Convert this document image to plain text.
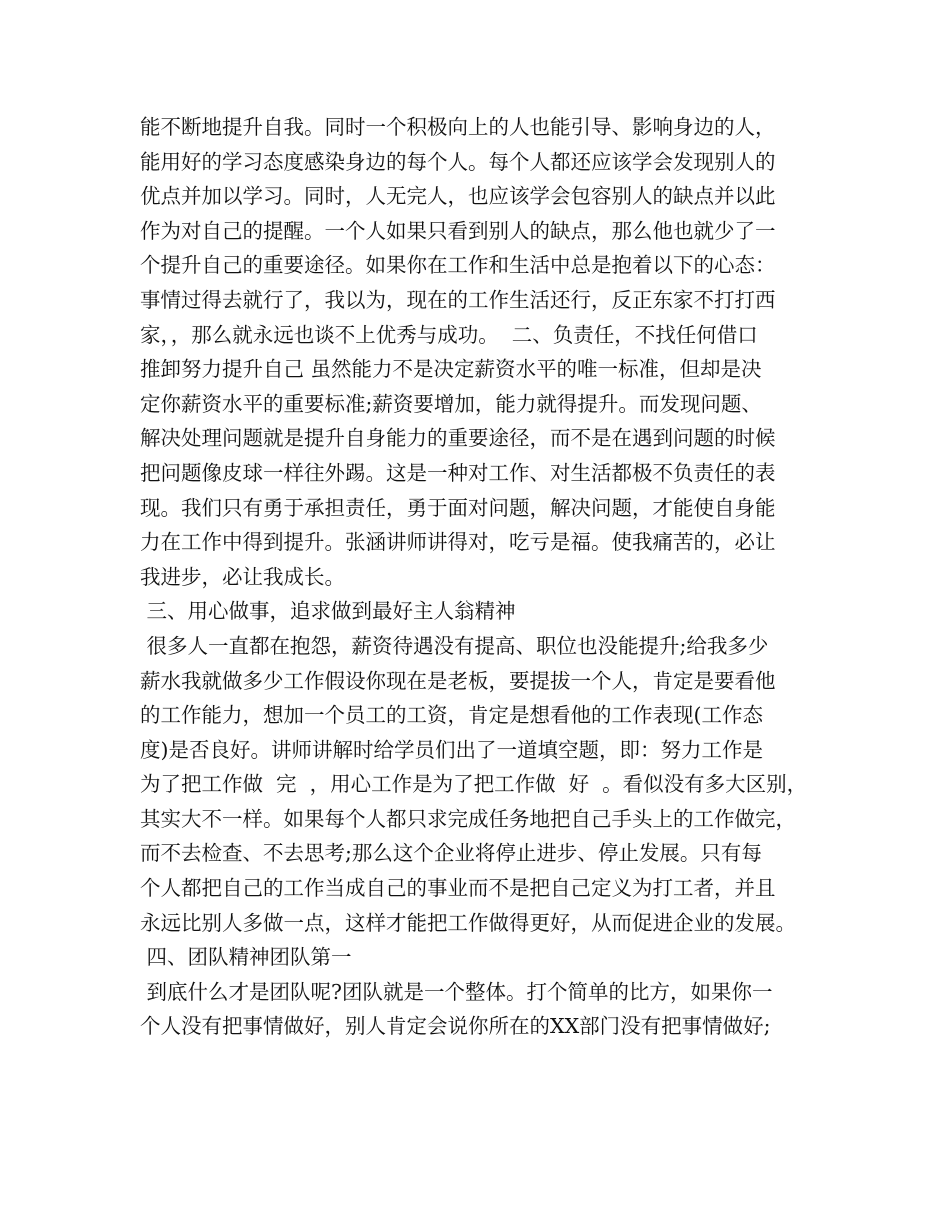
能不断地提升自我。同时一个积极向上的人也能引导、影响身边的人，
能用好的学习态度感染身边的每个人。每个人都还应该学会发现别人的
优点并加以学习。同时，人无完人，也应该学会包容别人的缺点并以此
作为对自己的提醒。一个人如果只看到别人的缺点，那么他也就少了一
个提升自己的重要途径。如果你在工作和生活中总是抱着以下的心态：
事情过得去就行了，我以为，现在的工作生活还行，反正东家不打打西
家，，那么就永远也谈不上优秀与成功。  二、负责任，不找任何借口
推卸努力提升自己 虽然能力不是决定薪资水平的唯一标准，但却是决
定你薪资水平的重要标准;薪资要增加，能力就得提升。而发现问题、
解决处理问题就是提升自身能力的重要途径，而不是在遇到问题的时候
把问题像皮球一样往外踢。这是一种对工作、对生活都极不负责任的表
现。我们只有勇于承担责任，勇于面对问题，解决问题，才能使自身能
力在工作中得到提升。张涵讲师讲得对，吃亏是福。使我痛苦的，必让
我进步，必让我成长。
三、用心做事，追求做到最好主人翁精神
很多人一直都在抱怨，薪资待遇没有提高、职位也没能提升;给我多少
薪水我就做多少工作假设你现在是老板，要提拔一个人，肯定是要看他
的工作能力，想加一个员工的工资，肯定是想看他的工作表现(工作态
度)是否良好。讲师讲解时给学员们出了一道填空题，即：努力工作是
为了把工作做  完  ，用心工作是为了把工作做  好  。看似没有多大区别，
其实大不一样。如果每个人都只求完成任务地把自己手头上的工作做完，
而不去检查、不去思考;那么这个企业将停止进步、停止发展。只有每
个人都把自己的工作当成自己的事业而不是把自己定义为打工者，并且
永远比别人多做一点，这样才能把工作做得更好，从而促进企业的发展。
四、团队精神团队第一
到底什么才是团队呢?团队就是一个整体。打个简单的比方，如果你一
个人没有把事情做好，别人肯定会说你所在的XX部门没有把事情做好;
